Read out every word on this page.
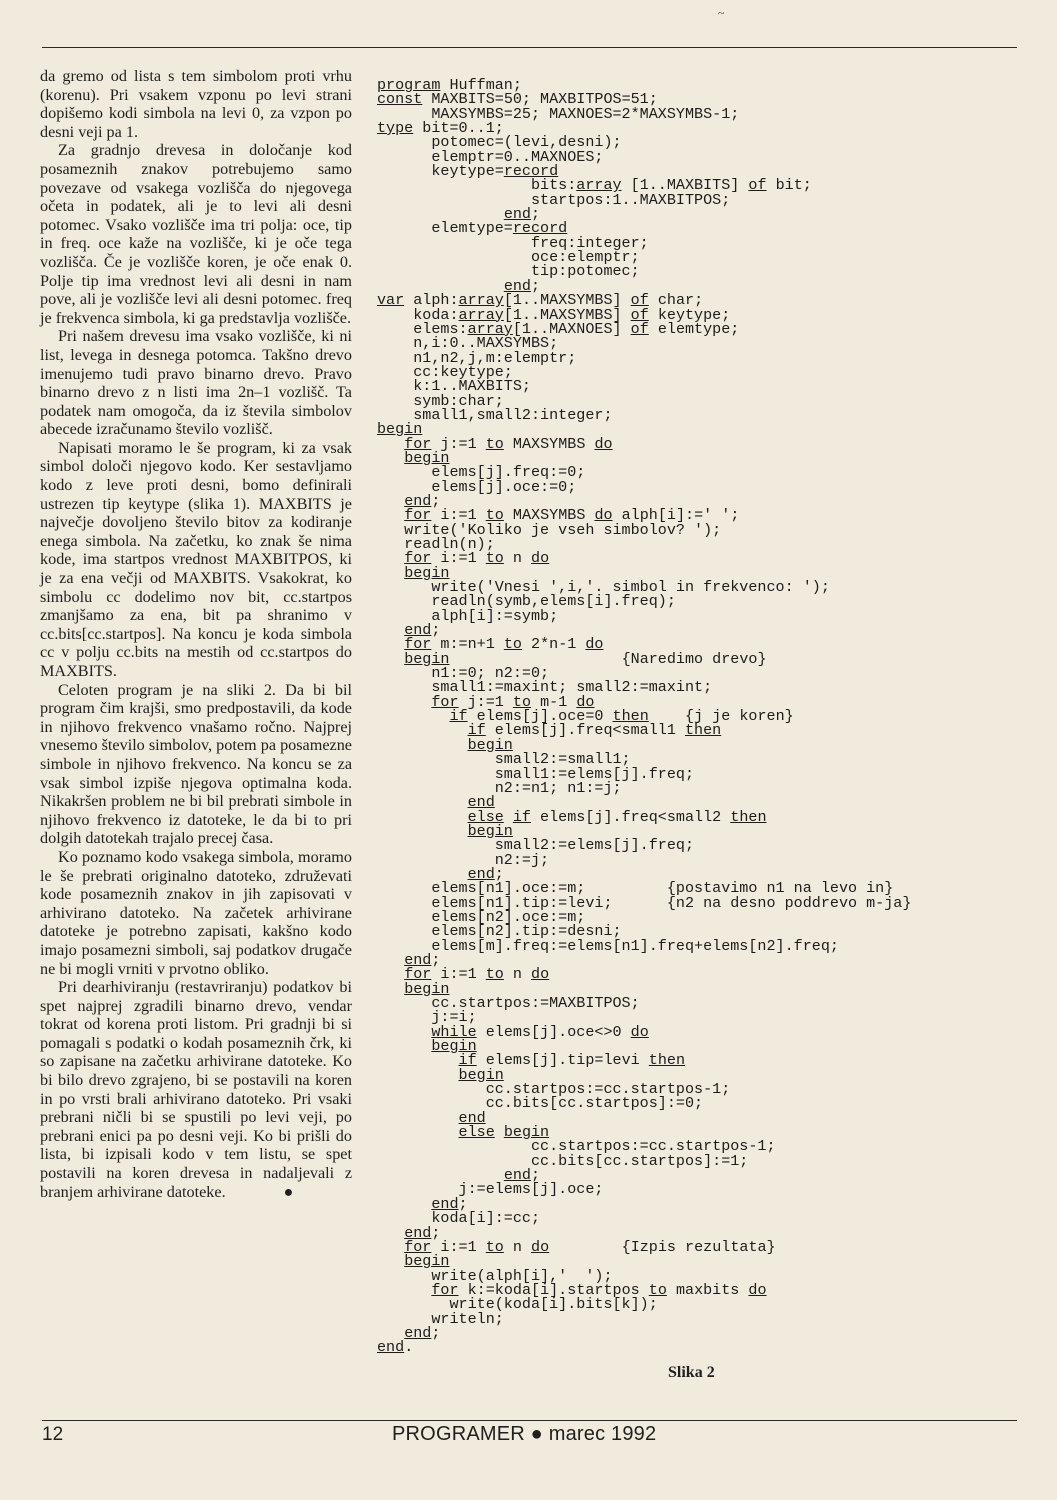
~

da gremo od lista s tem simbolom proti vrhu (korenu). Pri vsakem vzponu po levi strani dopišemo kodi simbola na levi 0, za vzpon po desni veji pa 1.

Za gradnjo drevesa in določanje kod posameznih znakov potrebujemo samo povezave od vsakega vozlišča do njegovega očeta in podatek, ali je to levi ali desni potomec. Vsako vozlišče ima tri polja: oce, tip in freq. oce kaže na vozlišče, ki je oče tega vozlišča. Če je vozlišče koren, je oče enak 0. Polje tip ima vrednost levi ali desni in nam pove, ali je vozlišče levi ali desni potomec. freq je frekvenca simbola, ki ga predstavlja vozlišče.

Pri našem drevesu ima vsako vozlišče, ki ni list, levega in desnega potomca. Takšno drevo imenujemo tudi pravo binarno drevo. Pravo binarno drevo z n listi ima 2n–1 vozlišč. Ta podatek nam omogoča, da iz števila simbolov abecede izračunamo število vozlišč.

Napisati moramo le še program, ki za vsak simbol določi njegovo kodo. Ker sestavljamo kodo z leve proti desni, bomo definirali ustrezen tip keytype (slika 1). MAXBITS je največje dovoljeno število bitov za kodiranje enega simbola. Na začetku, ko znak še nima kode, ima startpos vrednost MAXBITPOS, ki je za ena večji od MAXBITS. Vsakokrat, ko simbolu cc dodelimo nov bit, cc.startpos zmanjšamo za ena, bit pa shranimo v cc.bits[cc.startpos]. Na koncu je koda simbola cc v polju cc.bits na mestih od cc.startpos do MAXBITS.

Celoten program je na sliki 2. Da bi bil program čim krajši, smo predpostavili, da kode in njihovo frekvenco vnašamo ročno. Najprej vnesemo število simbolov, potem pa posamezne simbole in njihovo frekvenco. Na koncu se za vsak simbol izpiše njegova optimalna koda. Nikakršen problem ne bi bil prebrati simbole in njihovo frekvenco iz datoteke, le da bi to pri dolgih datotekah trajalo precej časa.

Ko poznamo kodo vsakega simbola, moramo le še prebrati originalno datoteko, združevati kode posameznih znakov in jih zapisovati v arhivirano datoteko. Na začetek arhivirane datoteke je potrebno zapisati, kakšno kodo imajo posamezni simboli, saj podatkov drugače ne bi mogli vrniti v prvotno obliko.

Pri dearhiviranju (restavriranju) podatkov bi spet najprej zgradili binarno drevo, vendar tokrat od korena proti listom. Pri gradnji bi si pomagali s podatki o kodah posameznih črk, ki so zapisane na začetku arhivirane datoteke. Ko bi bilo drevo zgrajeno, bi se postavili na koren in po vrsti brali arhivirano datoteko. Pri vsaki prebrani ničli bi se spustili po levi veji, po prebrani enici pa po desni veji. Ko bi prišli do lista, bi izpisali kodo v tem listu, se spet postavili na koren drevesa in nadaljevali z branjem arhivirane datoteke.	●

program Huffman;
const MAXBITS=50; MAXBITPOS=51;
MAXSYMBS=25; MAXNOES=2*MAXSYMBS-1;
type bit=0..1;
potomec=(levi,desni);
elemptr=0..MAXNOES;
keytype=record
bits:array [1..MAXBITS] of bit;
startpos:1..MAXBITPOS;
end;
elemtype=record
freq:integer;
oce:elemptr;
tip:potomec;
end;
var alph:array[1..MAXSYMBS] of char;
koda:array[1..MAXSYMBS] of keytype;
elems:array[1..MAXNOES] of elemtype;
n,i:0..MAXSYMBS;
n1,n2,j,m:elemptr;
cc:keytype;
k:1..MAXBITS;
symb:char;
small1,small2:integer;
begin
for j:=1 to MAXSYMBS do
begin
elems[j].freq:=0;
elems[j].oce:=0;
end;
for i:=1 to MAXSYMBS do alph[i]:=' ';
write('Koliko je vseh simbolov? ');
readln(n);
for i:=1 to n do
begin
write('Vnesi ',i,'. simbol in frekvenco: ');
readln(symb,elems[i].freq);
alph[i]:=symb;
end;
for m:=n+1 to 2*n-1 do
begin	{Naredimo drevo}
n1:=0; n2:=0;
small1:=maxint; small2:=maxint;
for j:=1 to m-1 do
if elems[j].oce=0 then    {j je koren}
if elems[j].freq<small1 then
begin
small2:=small1;
small1:=elems[j].freq;
n2:=n1; n1:=j;
end
else if elems[j].freq<small2 then
begin
small2:=elems[j].freq;
n2:=j;
end;
elems[n1].oce:=m;         {postavimo n1 na levo in}
elems[n1].tip:=levi;      {n2 na desno poddrevo m-ja}
elems[n2].oce:=m;
elems[n2].tip:=desni;
elems[m].freq:=elems[n1].freq+elems[n2].freq;
end;
for i:=1 to n do
begin
cc.startpos:=MAXBITPOS;
j:=i;
while elems[j].oce<>0 do
begin
if elems[j].tip=levi then
begin
cc.startpos:=cc.startpos-1;
cc.bits[cc.startpos]:=0;
end
else begin
cc.startpos:=cc.startpos-1;
cc.bits[cc.startpos]:=1;
end;
j:=elems[j].oce;
end;
koda[i]:=cc;
end;
for i:=1 to n do	{Izpis rezultata}
begin
write(alph[i],'  ');
for k:=koda[i].startpos to maxbits do
write(koda[i].bits[k]);
writeln;
end;
end.
Slika 2
12	PROGRAMER ● marec 1992
